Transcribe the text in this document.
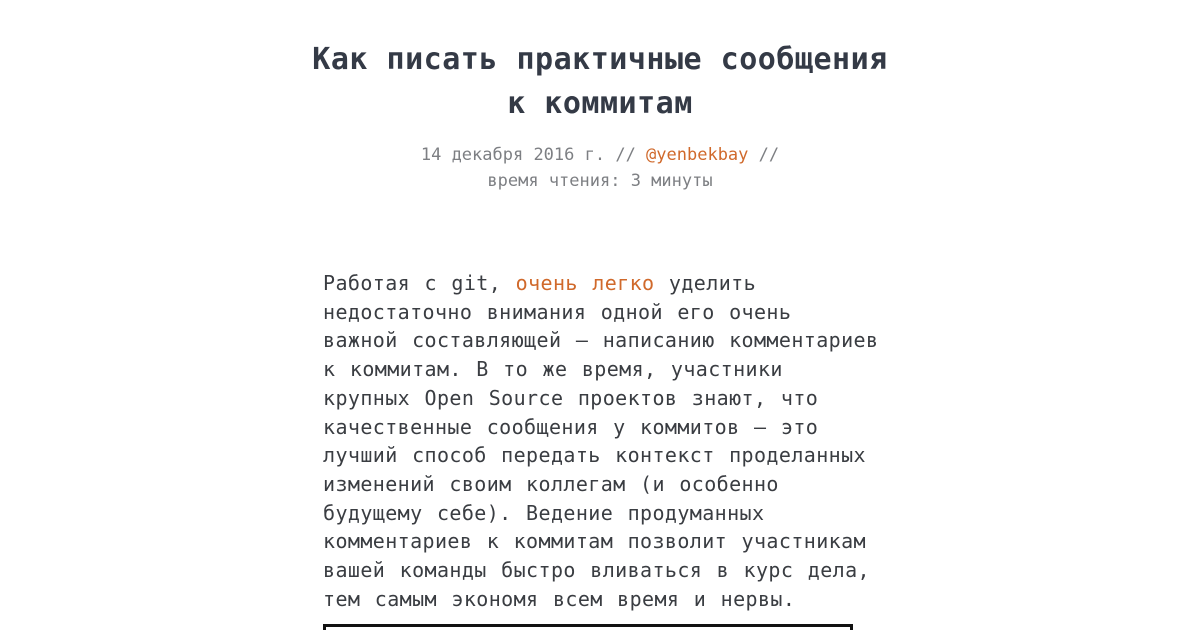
Как писать практичные сообщения к коммитам
14 декабря 2016 г. // @yenbekbay //
время чтения: 3 минуты

Работая с git, очень легко уделить недостаточно внимания одной его очень важной составляющей — написанию комментариев к коммитам. В то же время, участники крупных Open Source проектов знают, что качественные сообщения у коммитов — это лучший способ передать контекст проделанных изменений своим коллегам (и особенно будущему себе). Ведение продуманных комментариев к коммитам позволит участникам вашей команды быстро вливаться в курс дела, тем самым экономя всем время и нервы.
